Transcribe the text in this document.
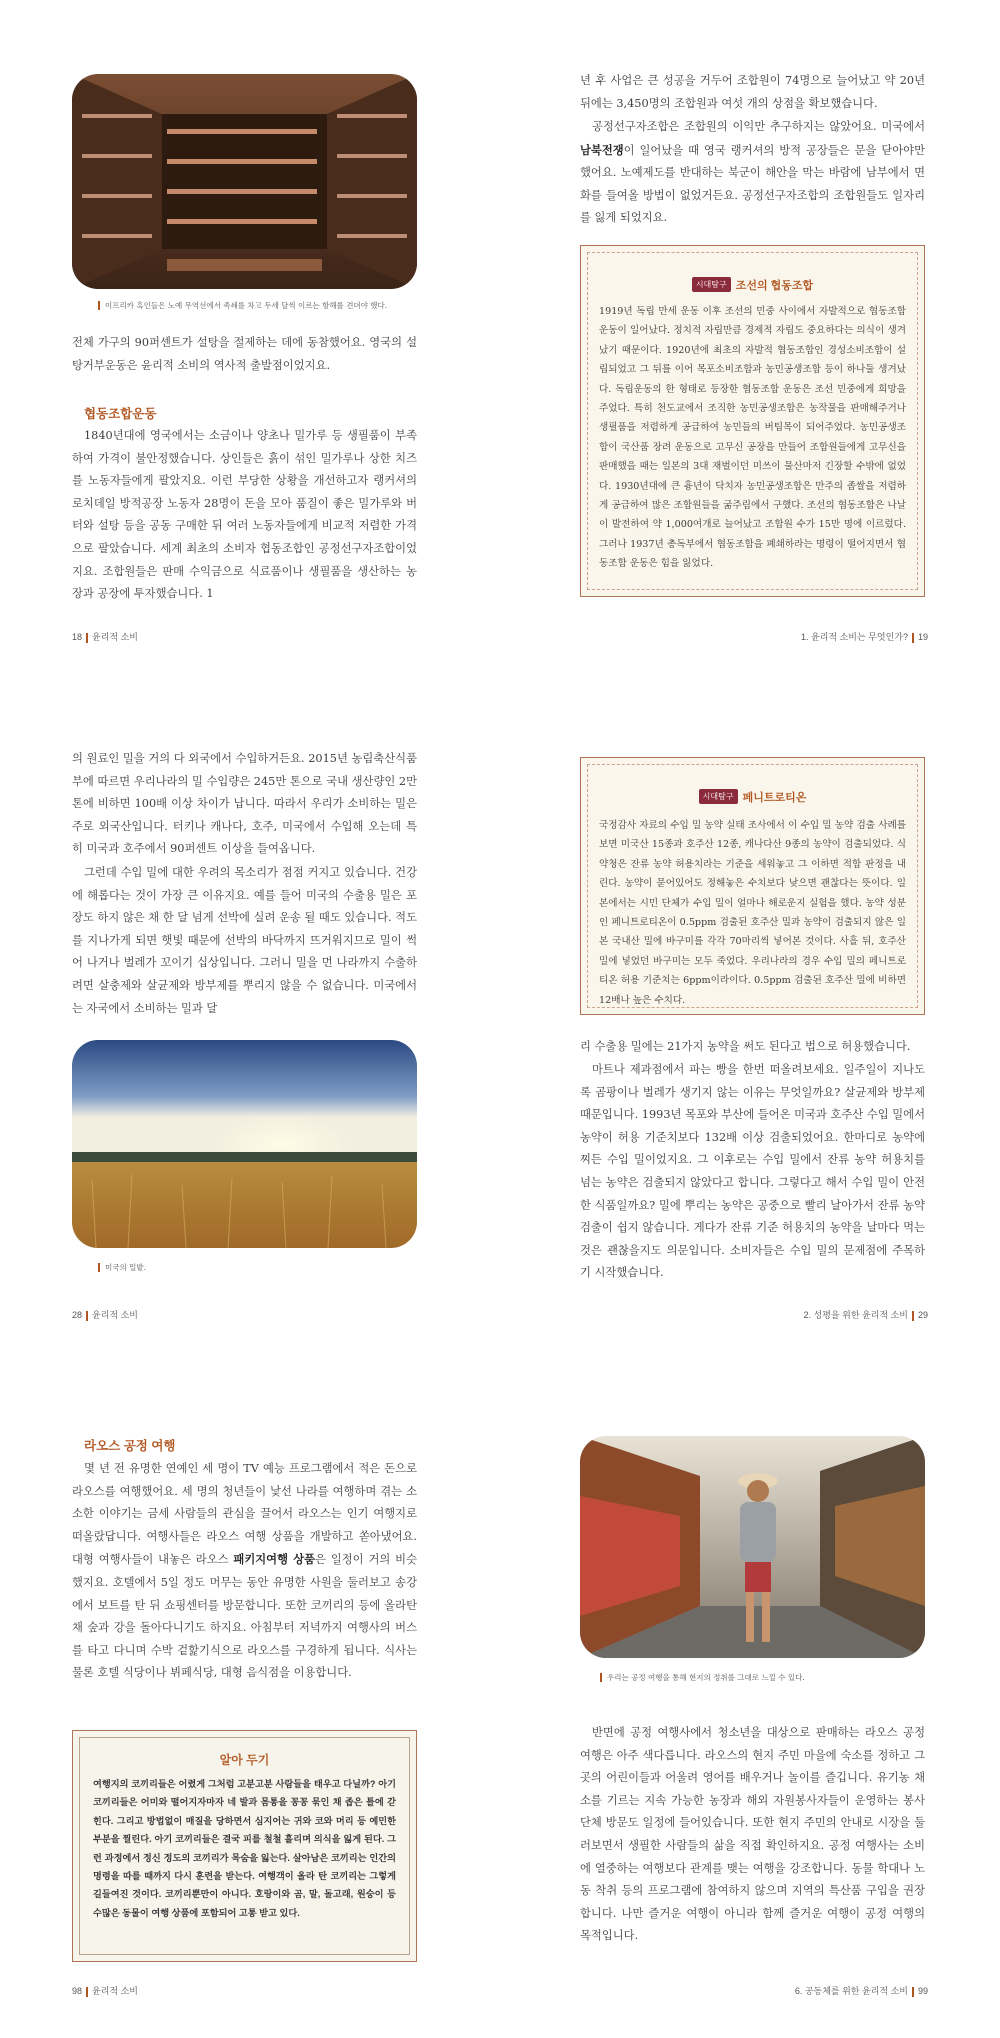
이프리카 흑인들은 노예 무역선에서 족쇄를 차고 두세 달씩 이르는 항해를 견뎌야 했다.

전체 가구의 90퍼센트가 설탕을 절제하는 데에 동참했어요. 영국의 설탕거부운동은 윤리적 소비의 역사적 출발점이었지요.

협동조합운동

1840년대에 영국에서는 소금이나 양초나 밀가루 등 생필품이 부족하여 가격이 불안정했습니다. 상인들은 흙이 섞인 밀가루나 상한 치즈를 노동자들에게 팔았지요. 이런 부당한 상황을 개선하고자 랭커셔의 로치데일 방적공장 노동자 28명이 돈을 모아 품질이 좋은 밀가루와 버터와 설탕 등을 공동 구매한 뒤 여러 노동자들에게 비교적 저렴한 가격으로 팔았습니다. 세계 최초의 소비자 협동조합인 공정선구자조합이었지요. 조합원들은 판매 수익금으로 식료품이나 생필품을 생산하는 농장과 공장에 투자했습니다. 1

18 윤리적 소비

년 후 사업은 큰 성공을 거두어 조합원이 74명으로 늘어났고 약 20년 뒤에는 3,450명의 조합원과 여섯 개의 상점을 확보했습니다.

공정선구자조합은 조합원의 이익만 추구하지는 않았어요. 미국에서 남북전쟁이 일어났을 때 영국 랭커셔의 방적 공장들은 문을 닫아야만 했어요. 노예제도를 반대하는 북군이 해안을 막는 바람에 남부에서 면화를 들여올 방법이 없었거든요. 공정선구자조합의 조합원들도 일자리를 잃게 되었지요.

시대탐구 조선의 협동조합

1919년 독립 만세 운동 이후 조선의 민중 사이에서 자발적으로 협동조합 운동이 일어났다. 정치적 자립만큼 경제적 자립도 중요하다는 의식이 생겨났기 때문이다. 1920년에 최초의 자발적 협동조합인 경성소비조합이 설립되었고 그 뒤를 이어 목포소비조합과 농민공생조합 등이 하나둘 생겨났다. 독립운동의 한 형태로 등장한 협동조합 운동은 조선 민중에게 희망을 주었다. 특히 천도교에서 조직한 농민공생조합은 농작물을 판매해주거나 생필품을 저렴하게 공급하여 농민들의 버팀목이 되어주었다. 농민공생조합이 국산품 장려 운동으로 고무신 공장을 만들어 조합원들에게 고무신을 판매했을 때는 일본의 3대 재벌이던 미쓰이 물산마저 긴장할 수밖에 없었다. 1930년대에 큰 흉년이 닥치자 농민공생조합은 만주의 좁쌀을 저렴하게 공급하여 많은 조합원들을 굶주림에서 구했다. 조선의 협동조합은 나날이 발전하여 약 1,000여개로 늘어났고 조합원 수가 15만 명에 이르렀다. 그러나 1937년 총독부에서 협동조합을 폐쇄하라는 명령이 떨어지면서 협동조합 운동은 힘을 잃었다.

1. 윤리적 소비는 무엇인가? 19

의 원료인 밀을 거의 다 외국에서 수입하거든요. 2015년 농림축산식품부에 따르면 우리나라의 밀 수입량은 245만 톤으로 국내 생산량인 2만 톤에 비하면 100배 이상 차이가 납니다. 따라서 우리가 소비하는 밀은 주로 외국산입니다. 터키나 캐나다, 호주, 미국에서 수입해 오는데 특히 미국과 호주에서 90퍼센트 이상을 들여옵니다.

그런데 수입 밀에 대한 우려의 목소리가 점점 커지고 있습니다. 건강에 해롭다는 것이 가장 큰 이유지요. 예를 들어 미국의 수출용 밀은 포장도 하지 않은 채 한 달 넘게 선박에 실려 운송 될 때도 있습니다. 적도를 지나가게 되면 햇빛 때문에 선박의 바닥까지 뜨거워지므로 밀이 썩어 나거나 벌레가 꼬이기 십상입니다. 그러니 밀을 먼 나라까지 수출하려면 살충제와 살균제와 방부제를 뿌리지 않을 수 없습니다. 미국에서는 자국에서 소비하는 밀과 달

미국의 밀밭.
28 윤리적 소비
시대탐구 페니트로티온

국정감사 자료의 수입 밀 농약 실태 조사에서 이 수입 밀 농약 검출 사례를 보면 미국산 15종과 호주산 12종, 캐나다산 9종의 농약이 검출되었다. 식약청은 잔류 농약 허용치라는 기준을 세워놓고 그 이하면 적합 판정을 내린다. 농약이 묻어있어도 정해놓은 수치보다 낮으면 괜찮다는 뜻이다. 일본에서는 시민 단체가 수입 밀이 얼마나 해로운지 실험을 했다. 농약 성분인 페니트로티온이 0.5ppm 검출된 호주산 밀과 농약이 검출되지 않은 일본 국내산 밀에 바구미를 각각 70마리씩 넣어본 것이다. 사흘 뒤, 호주산 밀에 넣었던 바구미는 모두 죽었다. 우리나라의 경우 수입 밀의 페니트로티온 허용 기준치는 6ppm이라이다. 0.5ppm 검출된 호주산 밀에 비하면 12배나 높은 수치다.

리 수출용 밀에는 21가지 농약을 써도 된다고 법으로 허용했습니다.

마트나 제과점에서 파는 빵을 한번 떠올려보세요. 일주일이 지나도록 곰팡이나 벌레가 생기지 않는 이유는 무엇일까요? 살균제와 방부제 때문입니다. 1993년 목포와 부산에 들어온 미국과 호주산 수입 밀에서 농약이 허용 기준치보다 132배 이상 검출되었어요. 한마디로 농약에 찌든 수입 밀이었지요. 그 이후로는 수입 밀에서 잔류 농약 허용치를 넘는 농약은 검출되지 않았다고 합니다. 그렇다고 해서 수입 밀이 안전한 식품일까요? 밀에 뿌리는 농약은 공중으로 빨리 날아가서 잔류 농약 검출이 쉽지 않습니다. 게다가 잔류 기준 허용치의 농약을 날마다 먹는 것은 괜찮을지도 의문입니다. 소비자들은 수입 밀의 문제점에 주목하기 시작했습니다.

2. 성평을 위한 윤리적 소비 29

라오스 공정 여행

몇 년 전 유명한 연예인 세 명이 TV 예능 프로그램에서 적은 돈으로 라오스를 여행했어요. 세 명의 청년들이 낯선 나라를 여행하며 겪는 소소한 이야기는 금세 사람들의 관심을 끌어서 라오스는 인기 여행지로 떠올랐답니다. 여행사들은 라오스 여행 상품을 개발하고 쏟아냈어요. 대형 여행사들이 내놓은 라오스 패키지여행 상품은 일정이 거의 비슷했지요. 호텔에서 5일 정도 머무는 동안 유명한 사원을 둘러보고 송강에서 보트를 탄 뒤 쇼핑센터를 방문합니다. 또한 코끼리의 등에 올라탄 채 숲과 강을 돌아다니기도 하지요. 아침부터 저녁까지 여행사의 버스를 타고 다니며 수박 겉핥기식으로 라오스를 구경하게 됩니다. 식사는 물론 호텔 식당이나 뷔페식당, 대형 음식점을 이용합니다.

알아 두기

여행지의 코끼리들은 어렸게 그처럼 고분고분 사람들을 태우고 다닐까? 아기 코끼리들은 어미와 떨어지자마자 네 발과 몸통을 꽁꽁 묶인 채 좁은 틀에 갇힌다. 그리고 방법없이 매질을 당하면서 심지어는 귀와 코와 머리 등 예민한 부분을 찔린다. 아기 코끼리들은 결국 피를 철철 흘리며 의식을 잃게 된다. 그런 과정에서 정신 정도의 코끼리가 목숨을 잃는다. 살아남은 코끼리는 인간의 명령을 따를 때까지 다시 훈련을 받는다. 여행객이 올라 탄 코끼리는 그렇게 길들여진 것이다. 코끼리뿐만이 아니다. 호랑이와 곰, 말, 돌고래, 원숭이 등 수많은 동물이 여행 상품에 포함되어 고통 받고 있다.

98 윤리적 소비
우리는 공정 여행을 통해 현지의 정취를 그대로 느낄 수 있다.

반면에 공정 여행사에서 청소년을 대상으로 판매하는 라오스 공정 여행은 아주 색다릅니다. 라오스의 현지 주민 마을에 숙소를 정하고 그곳의 어린이들과 어울려 영어를 배우거나 놀이를 즐깁니다. 유기농 채소를 기르는 지속 가능한 농장과 해외 자원봉사자들이 운영하는 봉사 단체 방문도 일정에 들어있습니다. 또한 현지 주민의 안내로 시장을 둘러보면서 생필한 사람들의 삶을 직접 확인하지요. 공정 여행사는 소비에 열중하는 여행보다 관계를 맺는 여행을 강조합니다. 동물 학대나 노동 착취 등의 프로그램에 참여하지 않으며 지역의 특산품 구입을 권장합니다. 나만 즐거운 여행이 아니라 함께 즐거운 여행이 공정 여행의 목적입니다.

6. 공동체를 위한 윤리적 소비 99
